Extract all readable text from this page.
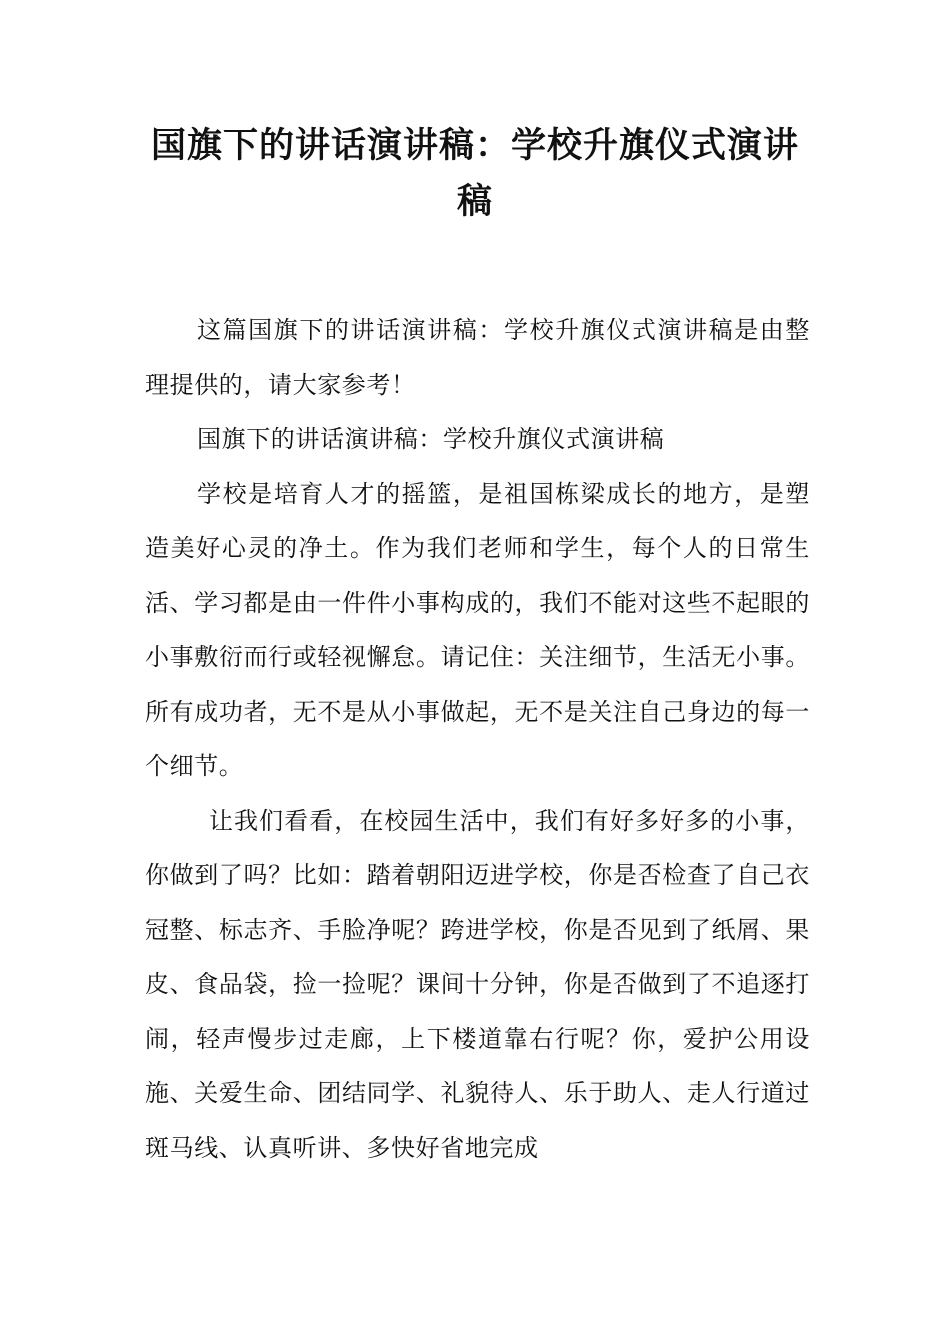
国旗下的讲话演讲稿：学校升旗仪式演讲稿

这篇国旗下的讲话演讲稿：学校升旗仪式演讲稿是由整理提供的，请大家参考！

国旗下的讲话演讲稿：学校升旗仪式演讲稿

学校是培育人才的摇篮，是祖国栋梁成长的地方，是塑造美好心灵的净土。作为我们老师和学生，每个人的日常生活、学习都是由一件件小事构成的，我们不能对这些不起眼的小事敷衍而行或轻视懈怠。请记住：关注细节，生活无小事。所有成功者，无不是从小事做起，无不是关注自己身边的每一个细节。

让我们看看，在校园生活中，我们有好多好多的小事，你做到了吗？比如：踏着朝阳迈进学校，你是否检查了自己衣冠整、标志齐、手脸净呢？跨进学校，你是否见到了纸屑、果皮、食品袋，捡一捡呢？课间十分钟，你是否做到了不追逐打闹，轻声慢步过走廊，上下楼道靠右行呢？你，爱护公用设施、关爱生命、团结同学、礼貌待人、乐于助人、走人行道过斑马线、认真听讲、多快好省地完成
